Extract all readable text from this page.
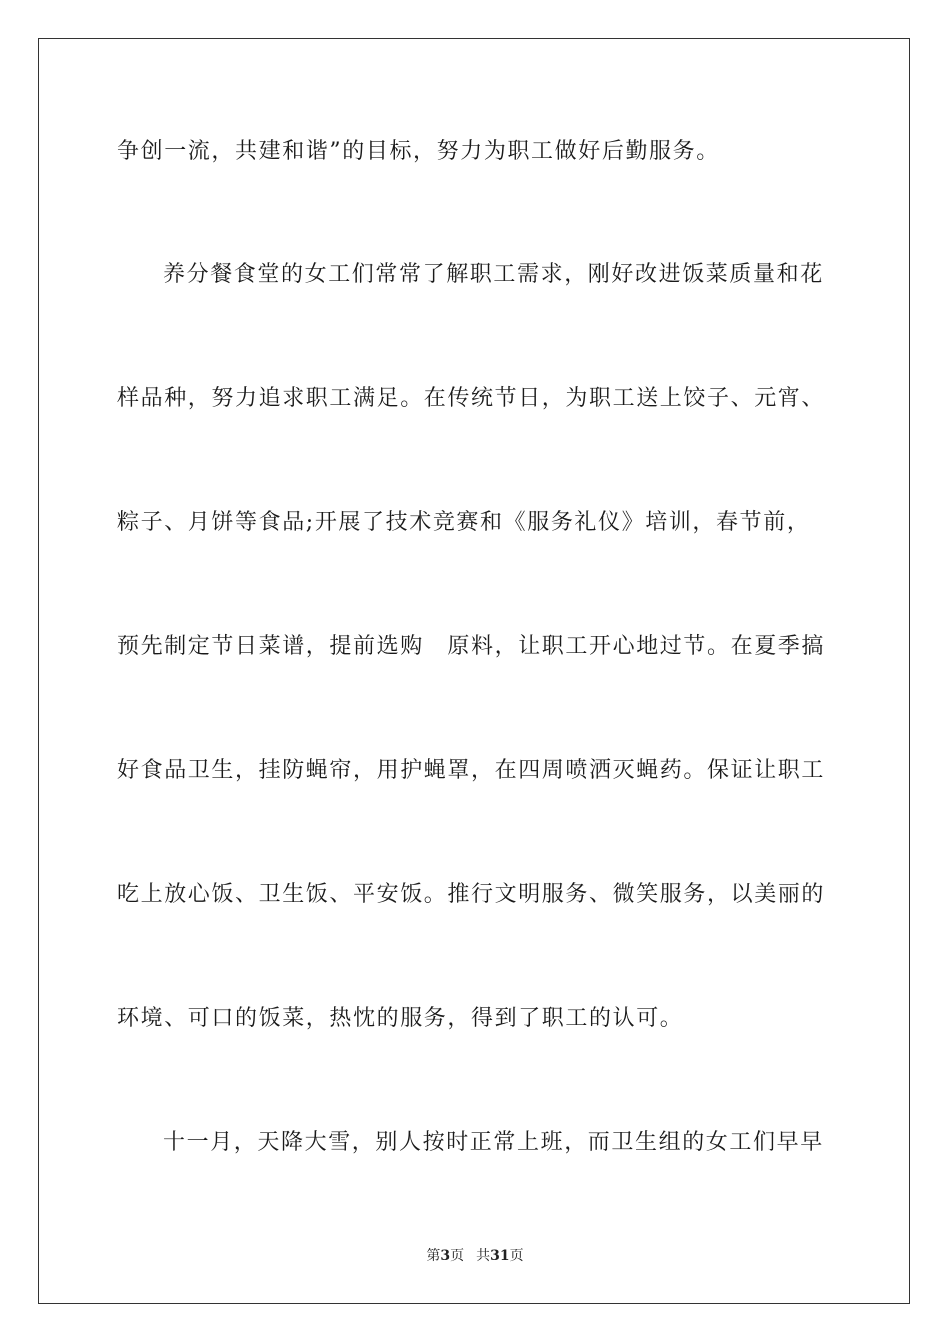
争创一流，共建和谐”的目标，努力为职工做好后勤服务。
养分餐食堂的女工们常常了解职工需求，刚好改进饭菜质量和花
样品种，努力追求职工满足。在传统节日，为职工送上饺子、元宵、
粽子、月饼等食品;开展了技术竞赛和《服务礼仪》培训，春节前，
预先制定节日菜谱，提前选购　原料，让职工开心地过节。在夏季搞
好食品卫生，挂防蝇帘，用护蝇罩，在四周喷洒灭蝇药。保证让职工
吃上放心饭、卫生饭、平安饭。推行文明服务、微笑服务，以美丽的
环境、可口的饭菜，热忱的服务，得到了职工的认可。
十一月，天降大雪，别人按时正常上班，而卫生组的女工们早早
第3页 共31页
